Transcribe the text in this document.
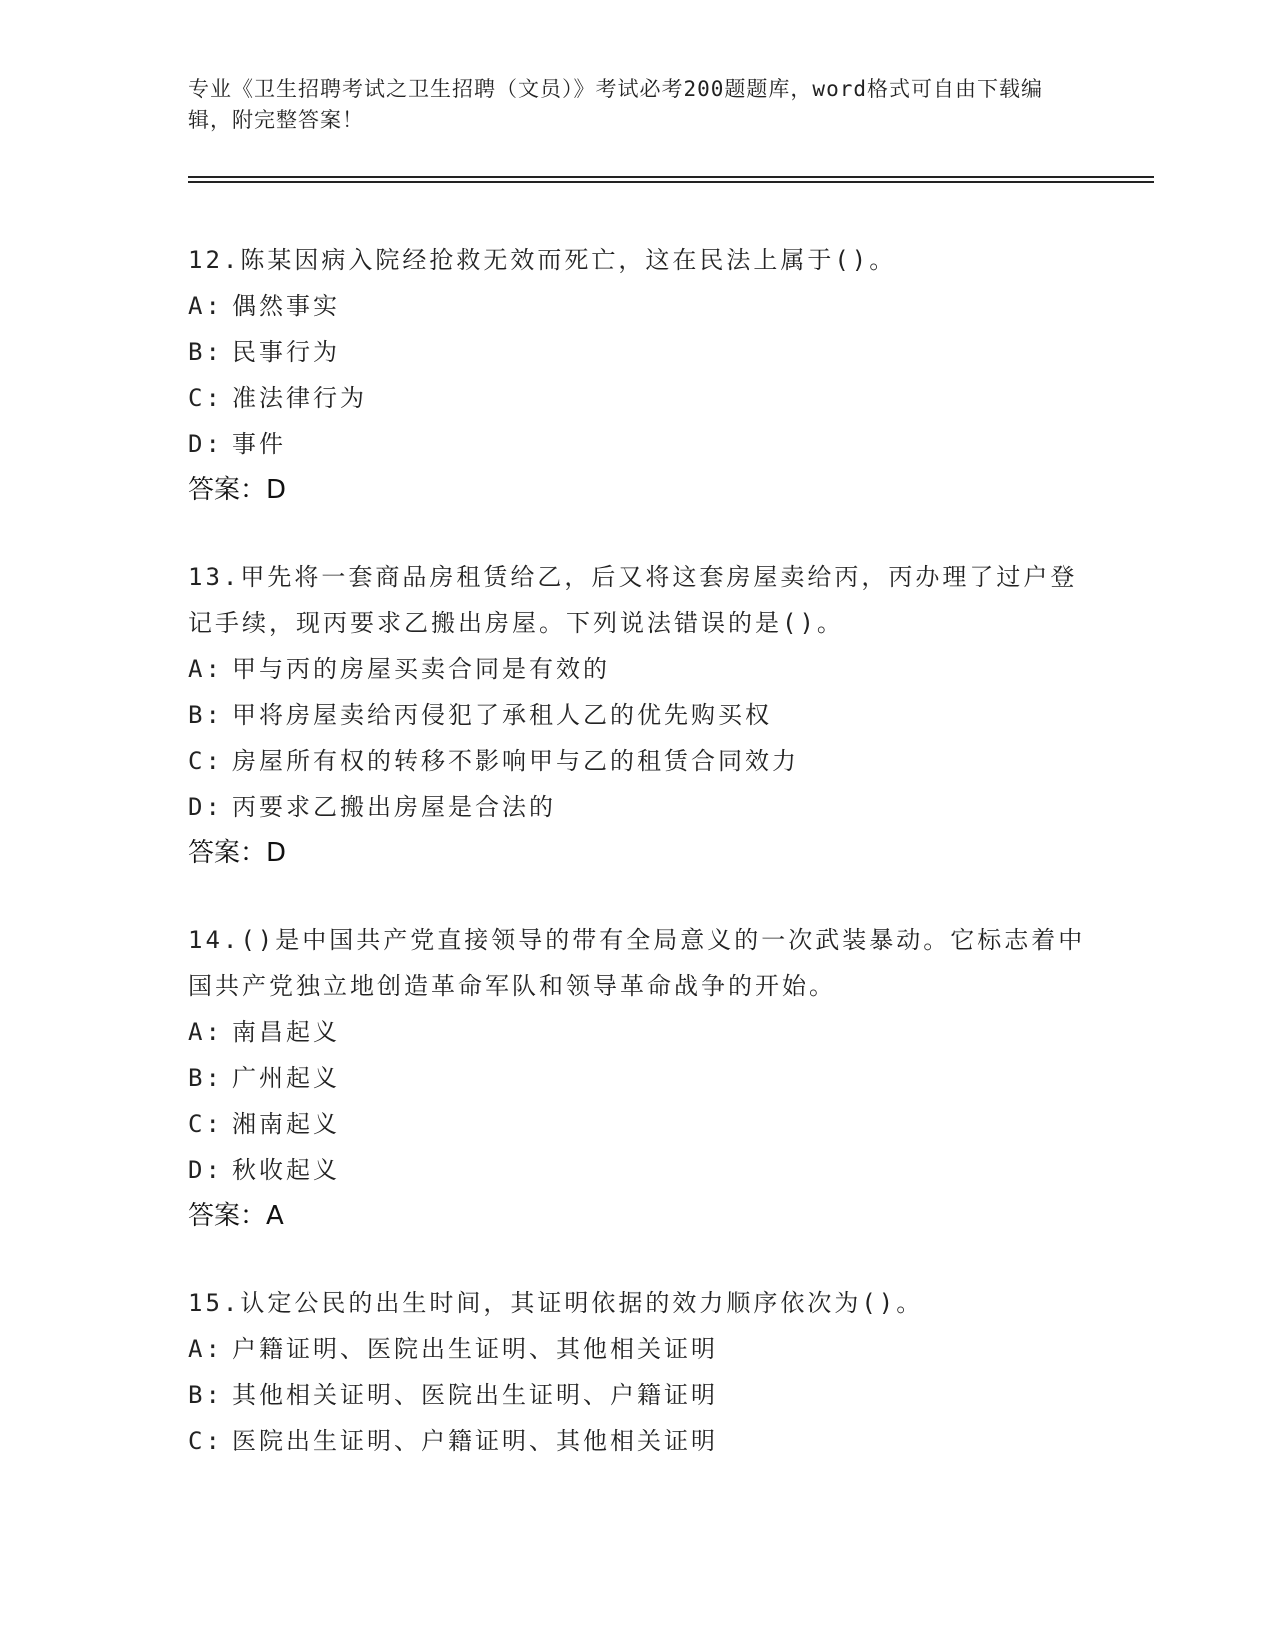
专业《卫生招聘考试之卫生招聘（文员）》考试必考200题题库，word格式可自由下载编辑，附完整答案！

12.陈某因病入院经抢救无效而死亡，这在民法上属于()。

A: 偶然事实

B: 民事行为

C: 准法律行为

D: 事件

答案：D

13.甲先将一套商品房租赁给乙，后又将这套房屋卖给丙，丙办理了过户登记手续，现丙要求乙搬出房屋。下列说法错误的是()。

A: 甲与丙的房屋买卖合同是有效的

B: 甲将房屋卖给丙侵犯了承租人乙的优先购买权

C: 房屋所有权的转移不影响甲与乙的租赁合同效力

D: 丙要求乙搬出房屋是合法的

答案：D

14.()是中国共产党直接领导的带有全局意义的一次武装暴动。它标志着中国共产党独立地创造革命军队和领导革命战争的开始。

A: 南昌起义

B: 广州起义

C: 湘南起义

D: 秋收起义

答案：A

15.认定公民的出生时间，其证明依据的效力顺序依次为()。

A: 户籍证明、医院出生证明、其他相关证明

B: 其他相关证明、医院出生证明、户籍证明

C: 医院出生证明、户籍证明、其他相关证明
